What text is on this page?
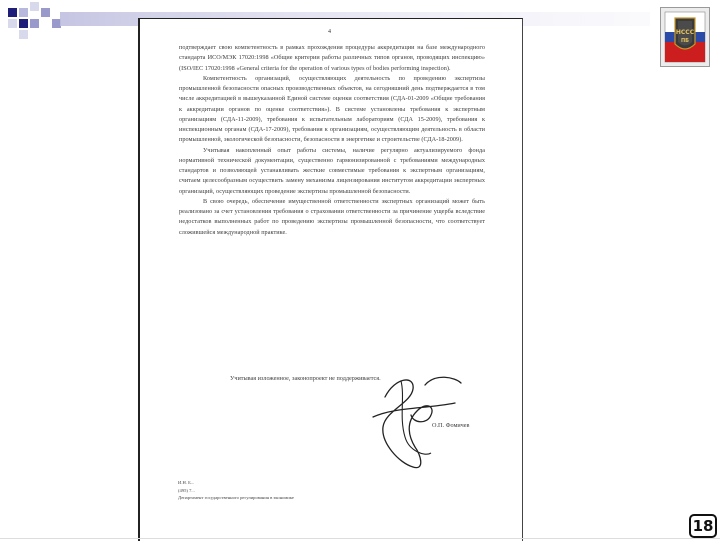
НССС
ПБ
4

подтверждает свою компетентность в рамках прохождения процедуры аккредитации на базе международного стандарта ИСО/МЭК 17020:1998 «Общие критерии работы различных типов органов, проводящих инспекцию» (ISO/IEC 17020:1998 «General criteria for the operation of various types of bodies performing inspection).

Компетентность организаций, осуществляющих деятельность по проведению экспертизы промышленной безопасности опасных производственных объектов, на сегодняшний день подтверждается в том числе аккредитацией в вышеуказанной Единой системе оценки соответствия (СДА-01-2009 «Общие требования к аккредитации органов по оценке соответствия»). В системе установлены требования к экспертным организациям (СДА-11-2009), требования к испытательным лабораториям (СДА 15-2009), требования к инспекционным органам (СДА-17-2009), требования к организациям, осуществляющим деятельность в области промышленной, экологической безопасности, безопасности в энергетике и строительстве (СДА-18-2009).

Учитывая накопленный опыт работы системы, наличие регулярно актуализируемого фонда нормативной технической документации, существенно гармонизированной с требованиями международных стандартов и позволяющей устанавливать жесткие совместимые требования к экспертным организациям, считаем целесообразным осуществить замену механизма лицензирования институтом аккредитации экспертных организаций, осуществляющих проведение экспертизы промышленной безопасности.

В свою очередь, обеспечение имущественной ответственности экспертных организаций может быть реализовано за счет установления требования о страховании ответственности за причинение ущерба вследствие недостатков выполненных работ по проведению экспертизы промышленной безопасности, что соответствует сложившейся международной практике.

Учитывая изложенное, законопроект не поддерживается.
О.П. Фомичев
И.Н. Б...
(495) 7...
Департамент государственного регулирования в экономике
18
